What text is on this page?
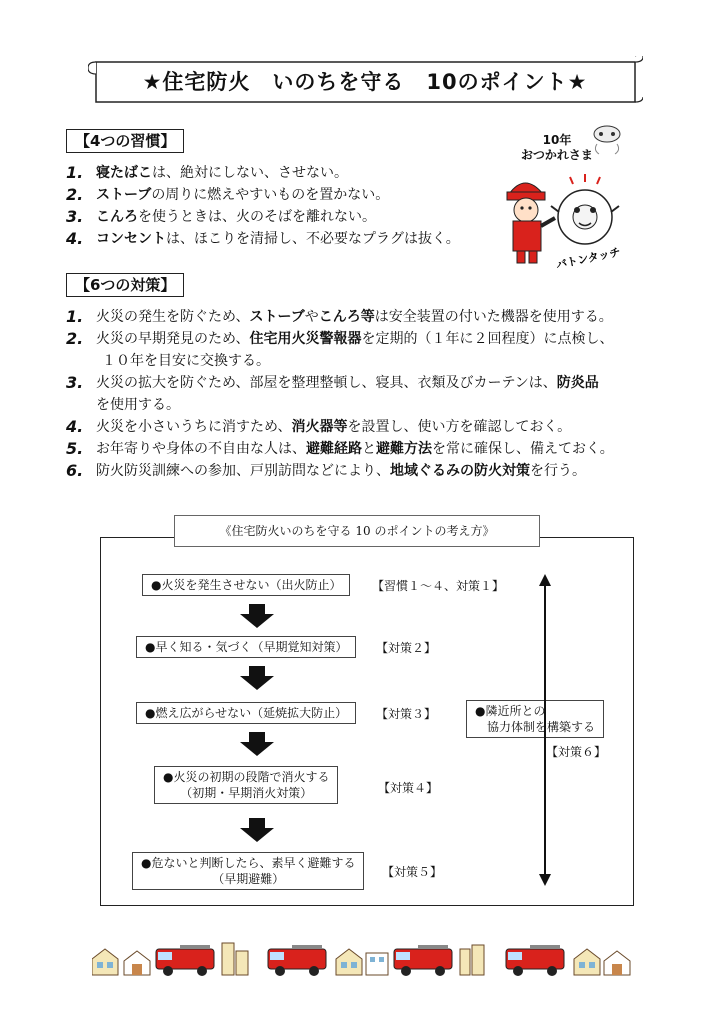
★住宅防火　いのちを守る　10のポイント★
【4つの習慣】
1. 寝たばこは、絶対にしない、させない。
2. ストーブの周りに燃えやすいものを置かない。
3. こんろを使うときは、火のそばを離れない。
4. コンセントは、ほこりを清掃し、不必要なプラグは抜く。
バトンタッチ
10年
おつかれさま
【6つの対策】
1. 火災の発生を防ぐため、ストーブやこんろ等は安全装置の付いた機器を使用する。
2. 火災の早期発見のため、住宅用火災警報器を定期的（１年に２回程度）に点検し、
１０年を目安に交換する。
3. 火災の拡大を防ぐため、部屋を整理整頓し、寝具、衣類及びカーテンは、防炎品
を使用する。
4. 火災を小さいうちに消すため、消火器等を設置し、使い方を確認しておく。
5. お年寄りや身体の不自由な人は、避難経路と避難方法を常に確保し、備えておく。
6. 防火防災訓練への参加、戸別訪問などにより、地域ぐるみの防火対策を行う。
《住宅防火いのちを守る 10 のポイントの考え方》
●火災を発生させない（出火防止）	【習慣１～４、対策１】
●早く知る・気づく（早期覚知対策）	【対策２】
●燃え広がらせない（延焼拡大防止）	【対策３】
●火災の初期の段階で消火する
（初期・早期消火対策）	【対策４】
●危ないと判断したら、素早く避難する
（早期避難）	【対策５】
●隣近所との
協力体制を構築する
【対策６】
